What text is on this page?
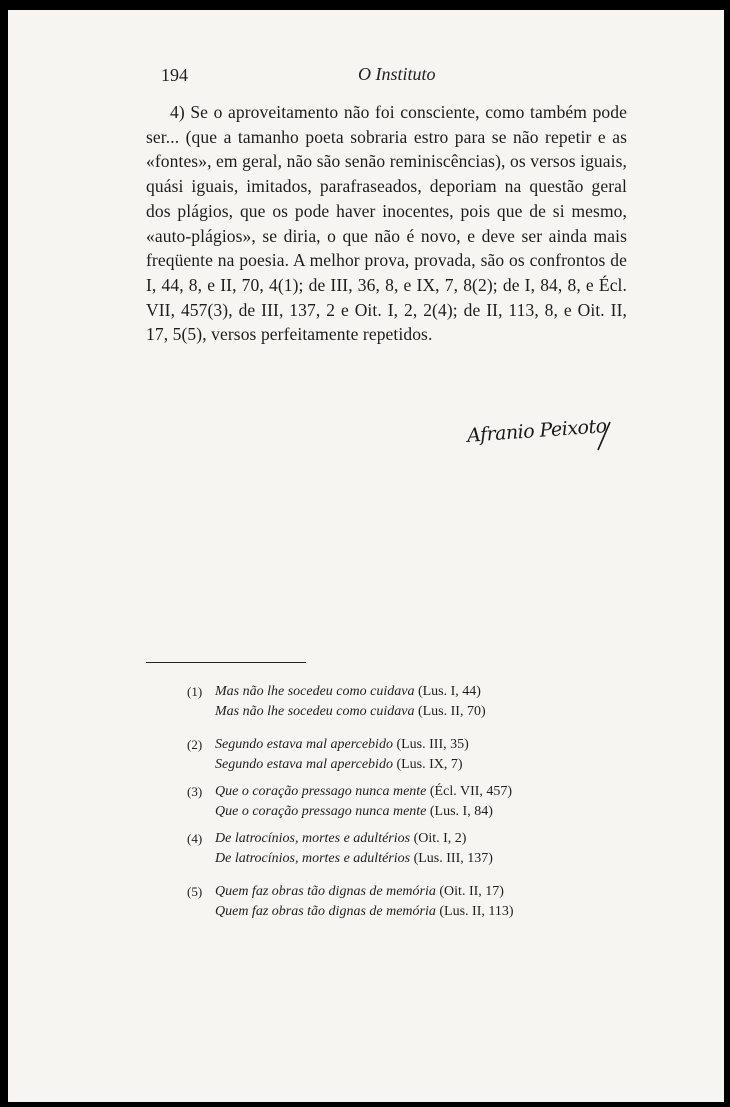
194	O Instituto
4) Se o aproveitamento não foi consciente, como também pode ser... (que a tamanho poeta sobraria estro para se não repetir e as «fontes», em geral, não são senão reminiscências), os versos iguais, quási iguais, imitados, parafraseados, deporiam na questão geral dos plágios, que os pode haver inocentes, pois que de si mesmo, «auto-plágios», se diria, o que não é novo, e deve ser ainda mais freqüente na poesia. A melhor prova, provada, são os confrontos de I, 44, 8, e II, 70, 4(1); de III, 36, 8, e IX, 7, 8(2); de I, 84, 8, e Écl. VII, 457(3), de III, 137, 2 e Oit. I, 2, 2(4); de II, 113, 8, e Oit. II, 17, 5(5), versos perfeitamente repetidos.
Afranio Peixoto
(1) Mas não lhe socedeu como cuidava (Lus. I, 44)
Mas não lhe socedeu como cuidava (Lus. II, 70)
(2) Segundo estava mal apercebido (Lus. III, 35)
Segundo estava mal apercebido (Lus. IX, 7)
(3) Que o coração pressago nunca mente (Écl. VII, 457)
Que o coração pressago nunca mente (Lus. I, 84)
(4) De latrocínios, mortes e adultérios (Oit. I, 2)
De latrocínios, mortes e adultérios (Lus. III, 137)
(5) Quem faz obras tão dignas de memória (Oit. II, 17)
Quem faz obras tão dignas de memória (Lus. II, 113)
